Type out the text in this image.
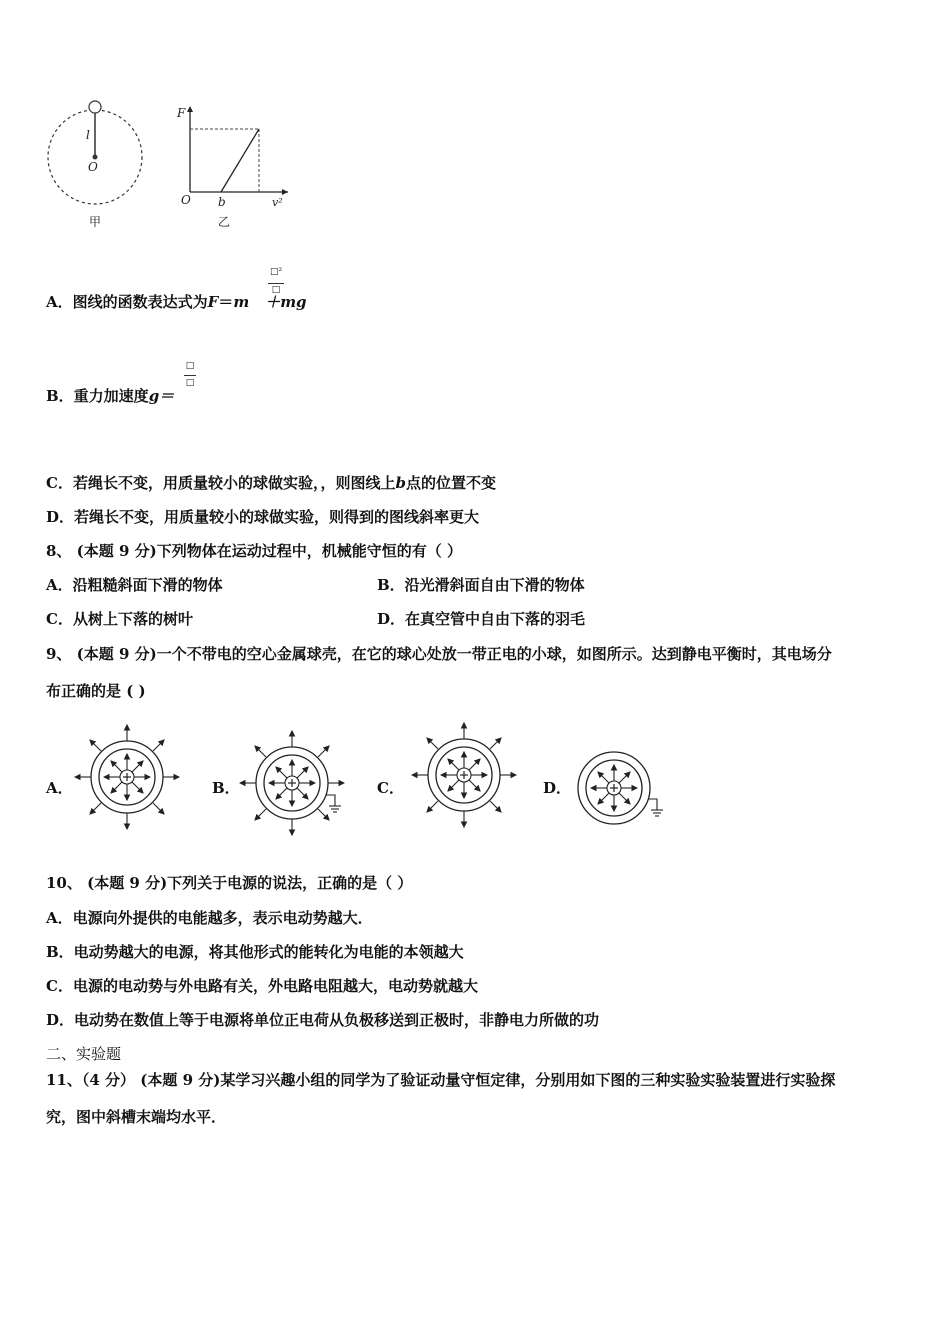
l
O
甲
F
O b	v²
乙
A．图线的函数表达式为F＝m ＋mg
□²
□
B．重力加速度g＝
□
□
C．若绳长不变，用质量较小的球做实验，，则图线上b点的位置不变
D．若绳长不变，用质量较小的球做实验，则得到的图线斜率更大
8、 (本题 9 分)下列物体在运动过程中，机械能守恒的有（ ）
A．沿粗糙斜面下滑的物体	B．沿光滑斜面自由下滑的物体
C．从树上下落的树叶	D．在真空管中自由下落的羽毛
9、 (本题 9 分)一个不带电的空心金属球壳，在它的球心处放一带正电的小球，如图所示。达到静电平衡时，其电场分
布正确的是 ( )
A．	B．	C．	D．
10、 (本题 9 分)下列关于电源的说法，正确的是（ ）
A．电源向外提供的电能越多，表示电动势越大．
B．电动势越大的电源，将其他形式的能转化为电能的本领越大
C．电源的电动势与外电路有关，外电路电阻越大，电动势就越大
D．电动势在数值上等于电源将单位正电荷从负极移送到正极时，非静电力所做的功
二、实验题
11、（4 分） (本题 9 分)某学习兴趣小组的同学为了验证动量守恒定律，分别用如下图的三种实验实验装置进行实验探
究，图中斜槽末端均水平．
